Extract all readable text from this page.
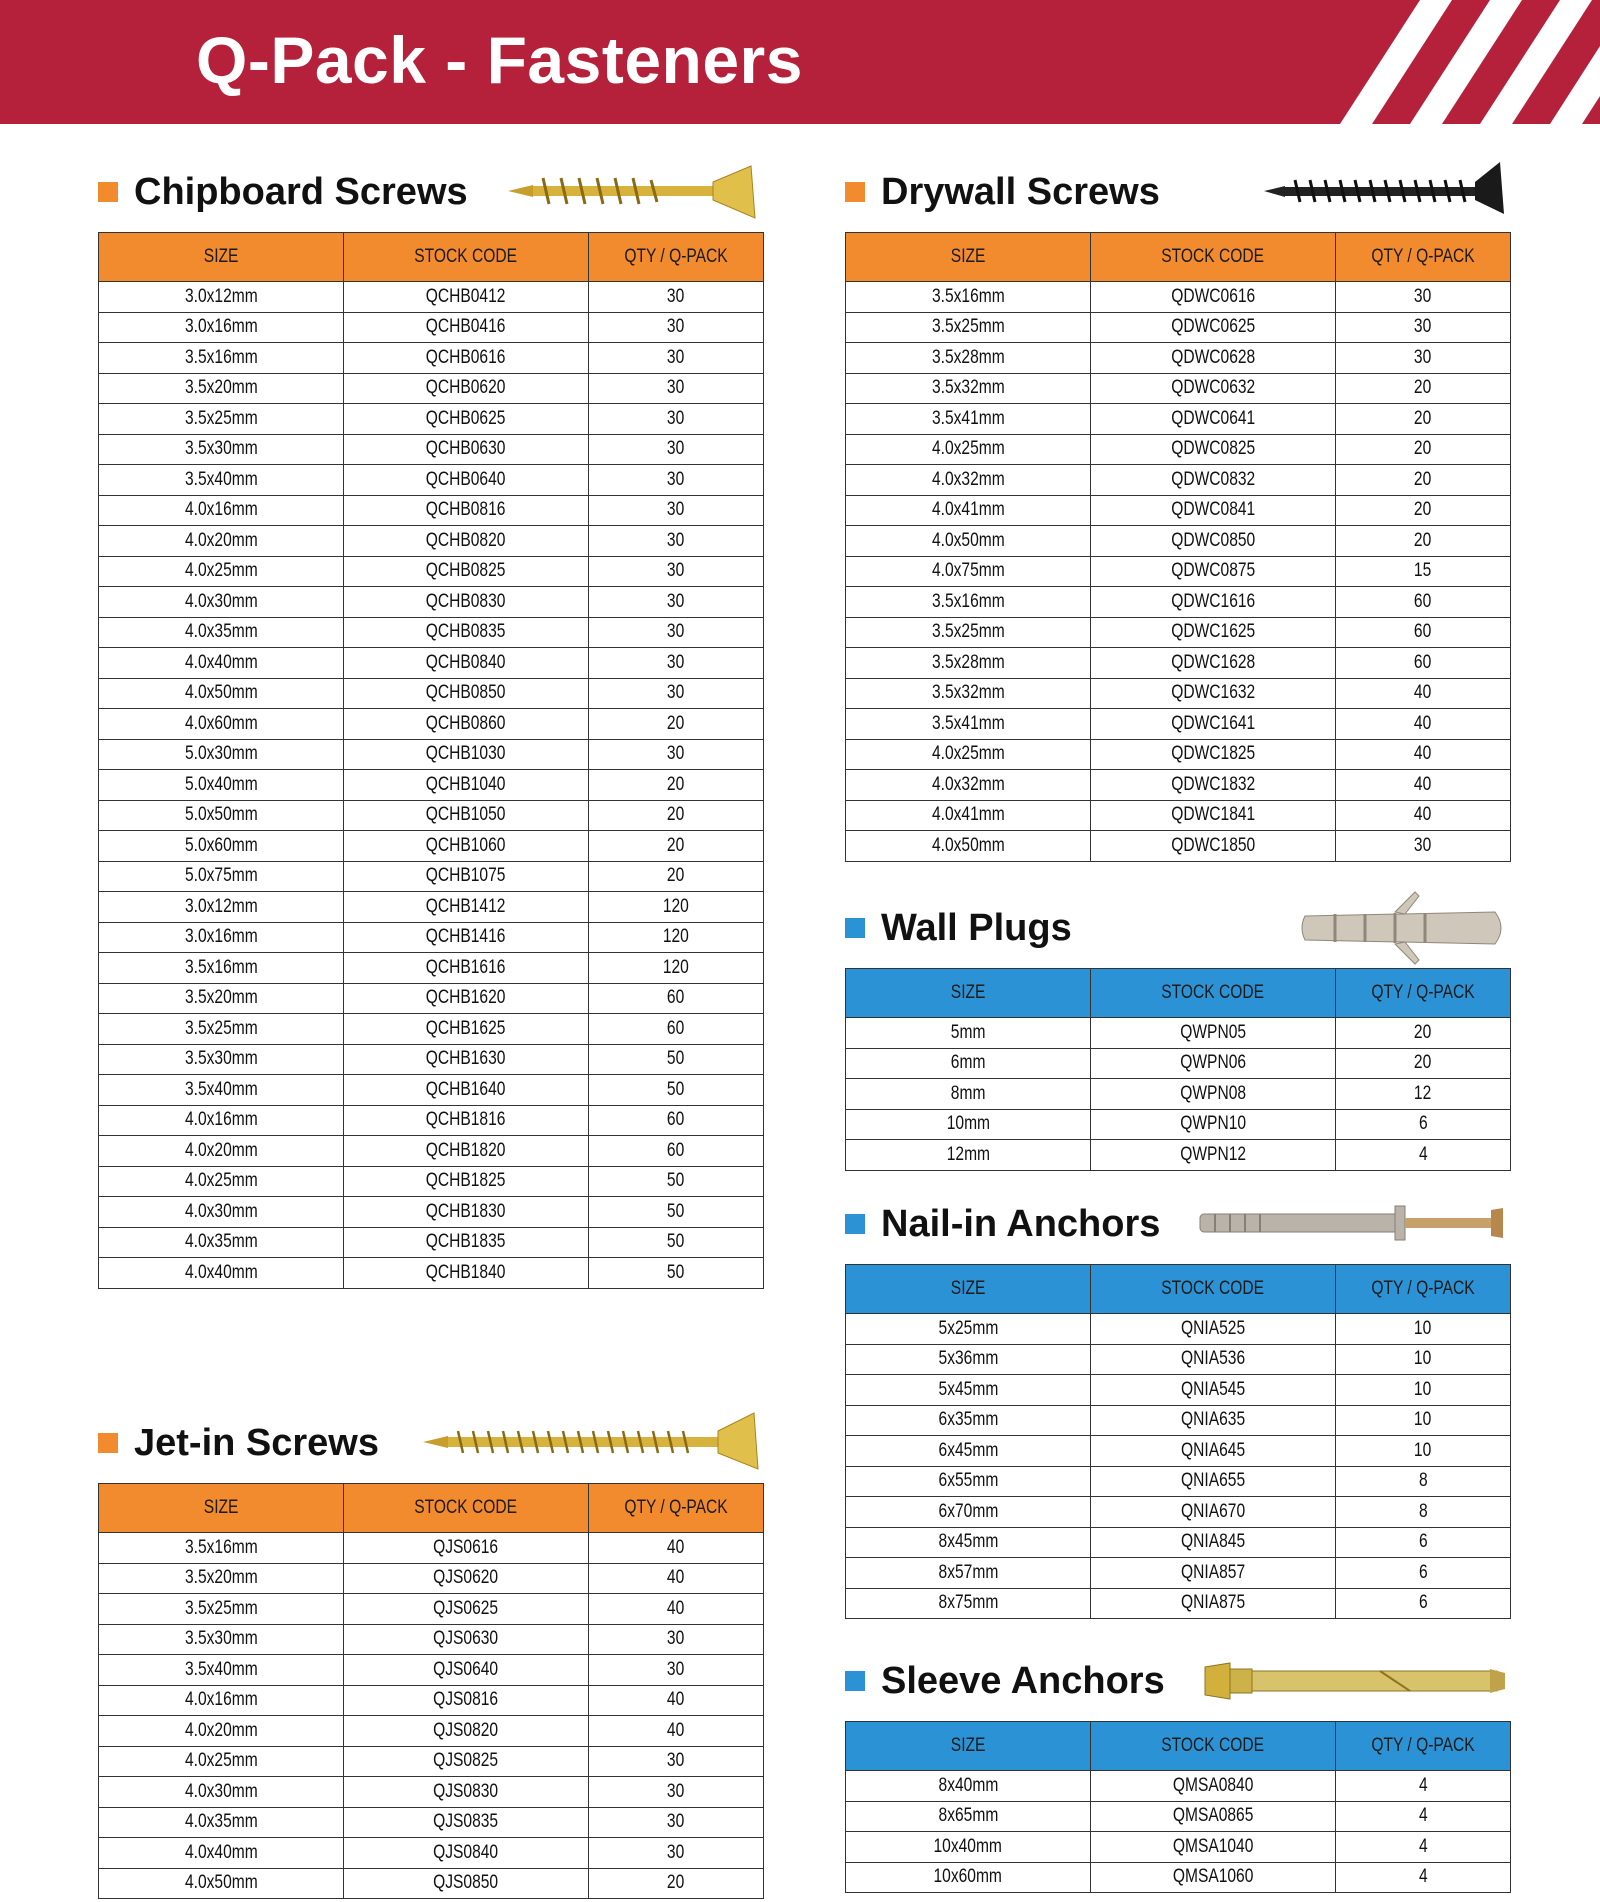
Q-Pack - Fasteners
Chipboard Screws
SIZE	STOCK CODE	QTY / Q-PACK
3.0x12mm	QCHB0412	30
3.0x16mm	QCHB0416	30
3.5x16mm	QCHB0616	30
3.5x20mm	QCHB0620	30
3.5x25mm	QCHB0625	30
3.5x30mm	QCHB0630	30
3.5x40mm	QCHB0640	30
4.0x16mm	QCHB0816	30
4.0x20mm	QCHB0820	30
4.0x25mm	QCHB0825	30
4.0x30mm	QCHB0830	30
4.0x35mm	QCHB0835	30
4.0x40mm	QCHB0840	30
4.0x50mm	QCHB0850	30
4.0x60mm	QCHB0860	20
5.0x30mm	QCHB1030	30
5.0x40mm	QCHB1040	20
5.0x50mm	QCHB1050	20
5.0x60mm	QCHB1060	20
5.0x75mm	QCHB1075	20
3.0x12mm	QCHB1412	120
3.0x16mm	QCHB1416	120
3.5x16mm	QCHB1616	120
3.5x20mm	QCHB1620	60
3.5x25mm	QCHB1625	60
3.5x30mm	QCHB1630	50
3.5x40mm	QCHB1640	50
4.0x16mm	QCHB1816	60
4.0x20mm	QCHB1820	60
4.0x25mm	QCHB1825	50
4.0x30mm	QCHB1830	50
4.0x35mm	QCHB1835	50
4.0x40mm	QCHB1840	50
Jet-in Screws
SIZE	STOCK CODE	QTY / Q-PACK
3.5x16mm	QJS0616	40
3.5x20mm	QJS0620	40
3.5x25mm	QJS0625	40
3.5x30mm	QJS0630	30
3.5x40mm	QJS0640	30
4.0x16mm	QJS0816	40
4.0x20mm	QJS0820	40
4.0x25mm	QJS0825	30
4.0x30mm	QJS0830	30
4.0x35mm	QJS0835	30
4.0x40mm	QJS0840	30
4.0x50mm	QJS0850	20
Drywall Screws
SIZE	STOCK CODE	QTY / Q-PACK
3.5x16mm	QDWC0616	30
3.5x25mm	QDWC0625	30
3.5x28mm	QDWC0628	30
3.5x32mm	QDWC0632	20
3.5x41mm	QDWC0641	20
4.0x25mm	QDWC0825	20
4.0x32mm	QDWC0832	20
4.0x41mm	QDWC0841	20
4.0x50mm	QDWC0850	20
4.0x75mm	QDWC0875	15
3.5x16mm	QDWC1616	60
3.5x25mm	QDWC1625	60
3.5x28mm	QDWC1628	60
3.5x32mm	QDWC1632	40
3.5x41mm	QDWC1641	40
4.0x25mm	QDWC1825	40
4.0x32mm	QDWC1832	40
4.0x41mm	QDWC1841	40
4.0x50mm	QDWC1850	30
Wall Plugs
SIZE	STOCK CODE	QTY / Q-PACK
5mm	QWPN05	20
6mm	QWPN06	20
8mm	QWPN08	12
10mm	QWPN10	6
12mm	QWPN12	4
Nail-in Anchors
SIZE	STOCK CODE	QTY / Q-PACK
5x25mm	QNIA525	10
5x36mm	QNIA536	10
5x45mm	QNIA545	10
6x35mm	QNIA635	10
6x45mm	QNIA645	10
6x55mm	QNIA655	8
6x70mm	QNIA670	8
8x45mm	QNIA845	6
8x57mm	QNIA857	6
8x75mm	QNIA875	6
Sleeve Anchors
SIZE	STOCK CODE	QTY / Q-PACK
8x40mm	QMSA0840	4
8x65mm	QMSA0865	4
10x40mm	QMSA1040	4
10x60mm	QMSA1060	4
